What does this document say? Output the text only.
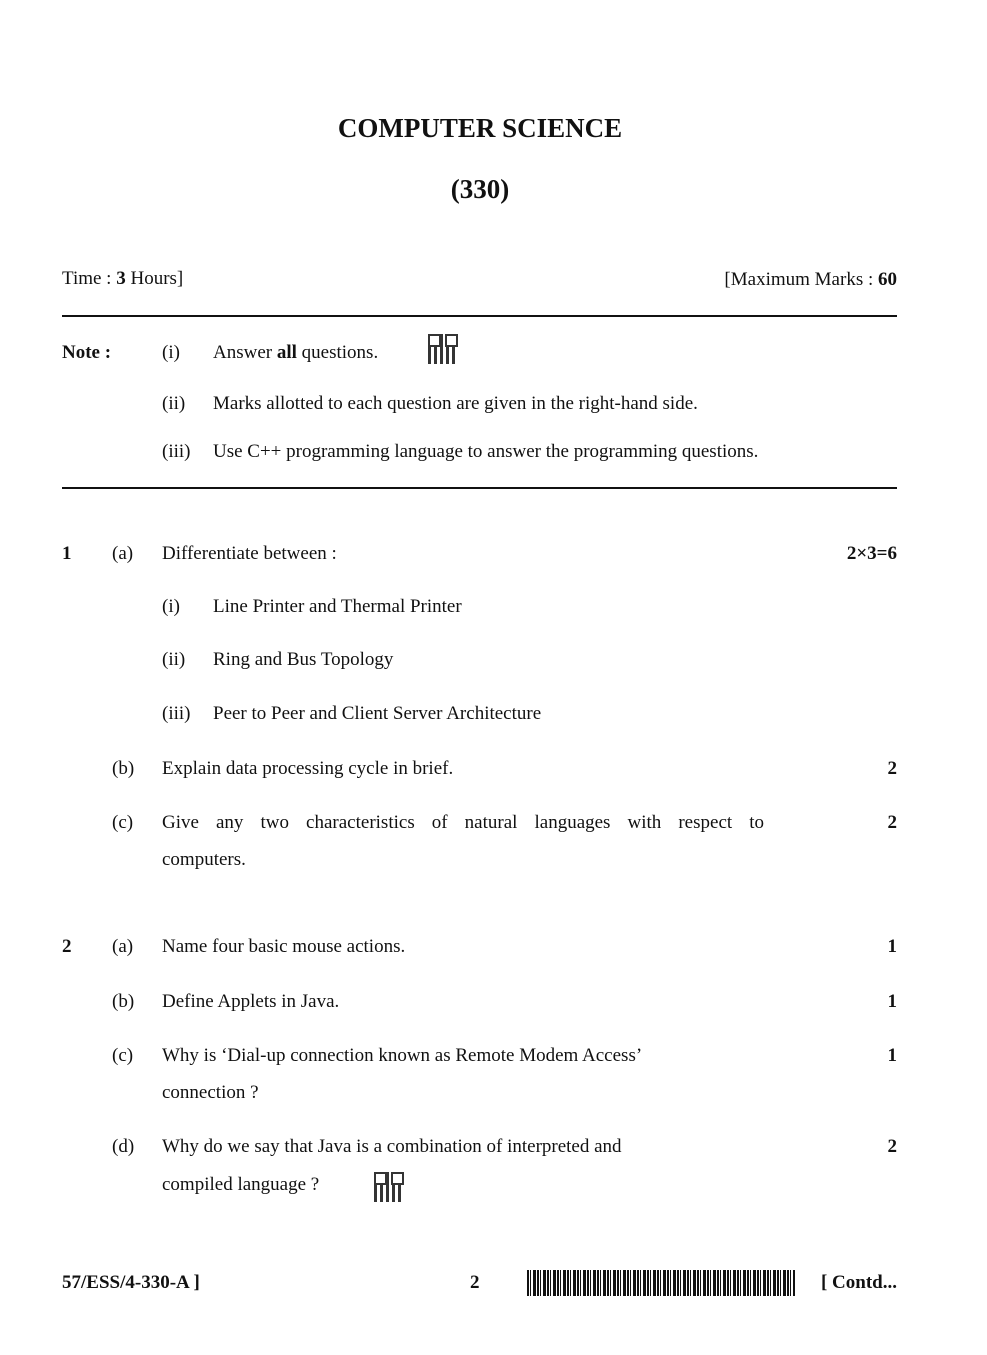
COMPUTER SCIENCE
(330)
Time : 3 Hours]	[Maximum Marks : 60
Note :	(i) Answer all questions.
(ii) Marks allotted to each question are given in the right-hand side.
(iii) Use C++ programming language to answer the programming questions.
1 (a) Differentiate between :	2×3=6
(i) Line Printer and Thermal Printer
(ii) Ring and Bus Topology
(iii) Peer to Peer and Client Server Architecture
(b) Explain data processing cycle in brief.	2
(c) Give any two characteristics of natural languages with respect to
computers.
2
2 (a) Name four basic mouse actions.	1
(b) Define Applets in Java.	1
(c) Why is ‘Dial-up connection known as Remote Modem Access’
connection ?
1
(d) Why do we say that Java is a combination of interpreted and
compiled language ?
2
57/ESS/4-330-A ]	2	[ Contd...
